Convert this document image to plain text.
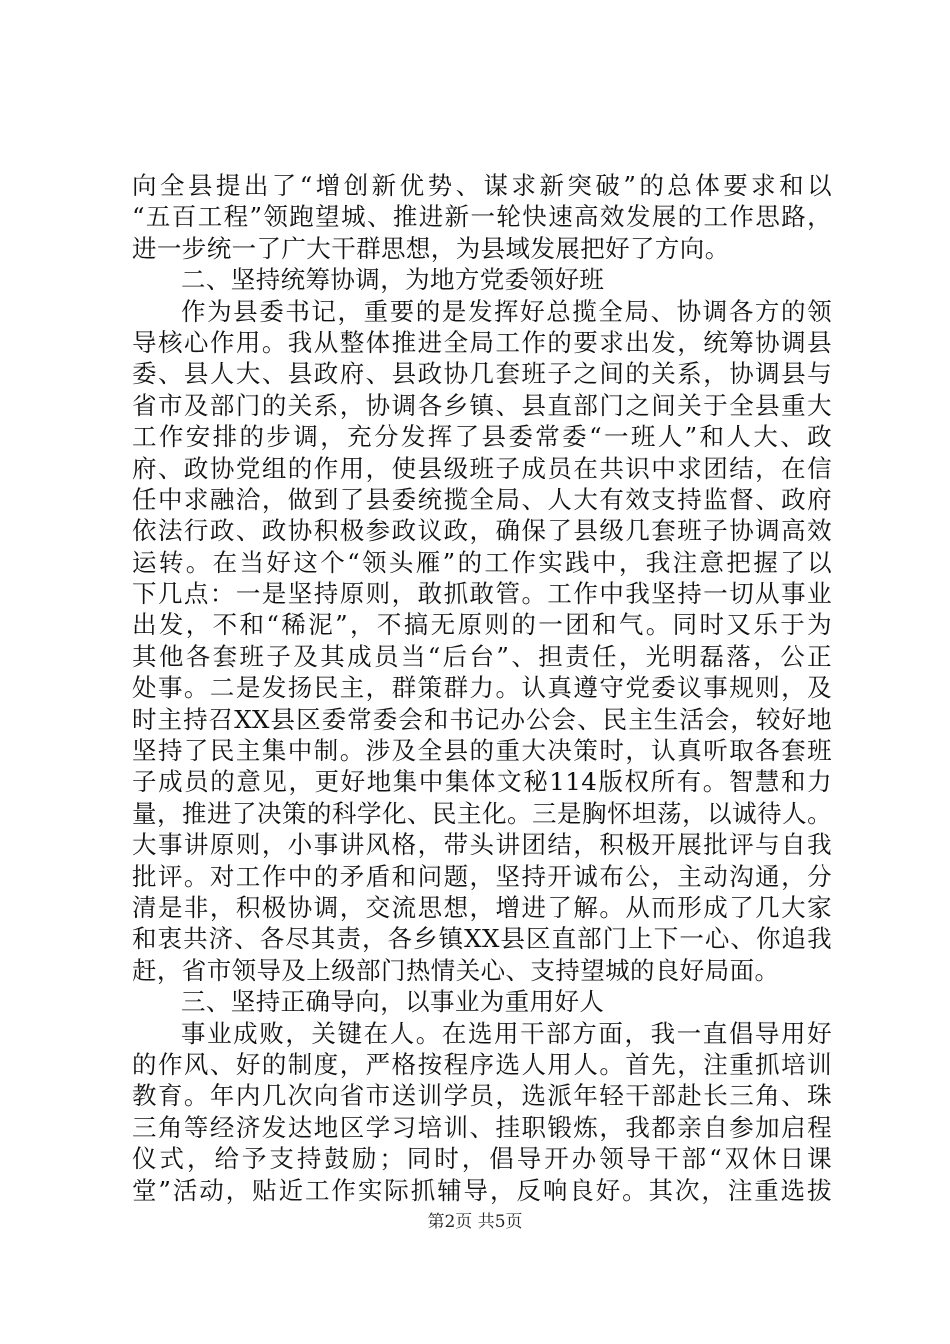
向全县提出了“增创新优势、谋求新突破”的总体要求和以
“五百工程”领跑望城、推进新一轮快速高效发展的工作思路，
进一步统一了广大干群思想，为县域发展把好了方向。
二、坚持统筹协调，为地方党委领好班
作为县委书记，重要的是发挥好总揽全局、协调各方的领
导核心作用。我从整体推进全局工作的要求出发，统筹协调县
委、县人大、县政府、县政协几套班子之间的关系，协调县与
省市及部门的关系，协调各乡镇、县直部门之间关于全县重大
工作安排的步调，充分发挥了县委常委“一班人”和人大、政
府、政协党组的作用，使县级班子成员在共识中求团结，在信
任中求融洽，做到了县委统揽全局、人大有效支持监督、政府
依法行政、政协积极参政议政，确保了县级几套班子协调高效
运转。在当好这个“领头雁”的工作实践中，我注意把握了以
下几点：一是坚持原则，敢抓敢管。工作中我坚持一切从事业
出发，不和“稀泥”，不搞无原则的一团和气。同时又乐于为
其他各套班子及其成员当“后台”、担责任，光明磊落，公正
处事。二是发扬民主，群策群力。认真遵守党委议事规则，及
时主持召XX县区委常委会和书记办公会、民主生活会，较好地
坚持了民主集中制。涉及全县的重大决策时，认真听取各套班
子成员的意见，更好地集中集体文秘114版权所有。智慧和力
量，推进了决策的科学化、民主化。三是胸怀坦荡，以诚待人。
大事讲原则，小事讲风格，带头讲团结，积极开展批评与自我
批评。对工作中的矛盾和问题，坚持开诚布公，主动沟通，分
清是非，积极协调，交流思想，增进了解。从而形成了几大家
和衷共济、各尽其责，各乡镇XX县区直部门上下一心、你追我
赶，省市领导及上级部门热情关心、支持望城的良好局面。
三、坚持正确导向，以事业为重用好人
事业成败，关键在人。在选用干部方面，我一直倡导用好
的作风、好的制度，严格按程序选人用人。首先，注重抓培训
教育。年内几次向省市送训学员，选派年轻干部赴长三角、珠
三角等经济发达地区学习培训、挂职锻炼，我都亲自参加启程
仪式，给予支持鼓励；同时，倡导开办领导干部“双休日课
堂”活动，贴近工作实际抓辅导，反响良好。其次，注重选拔
第2页 共5页
